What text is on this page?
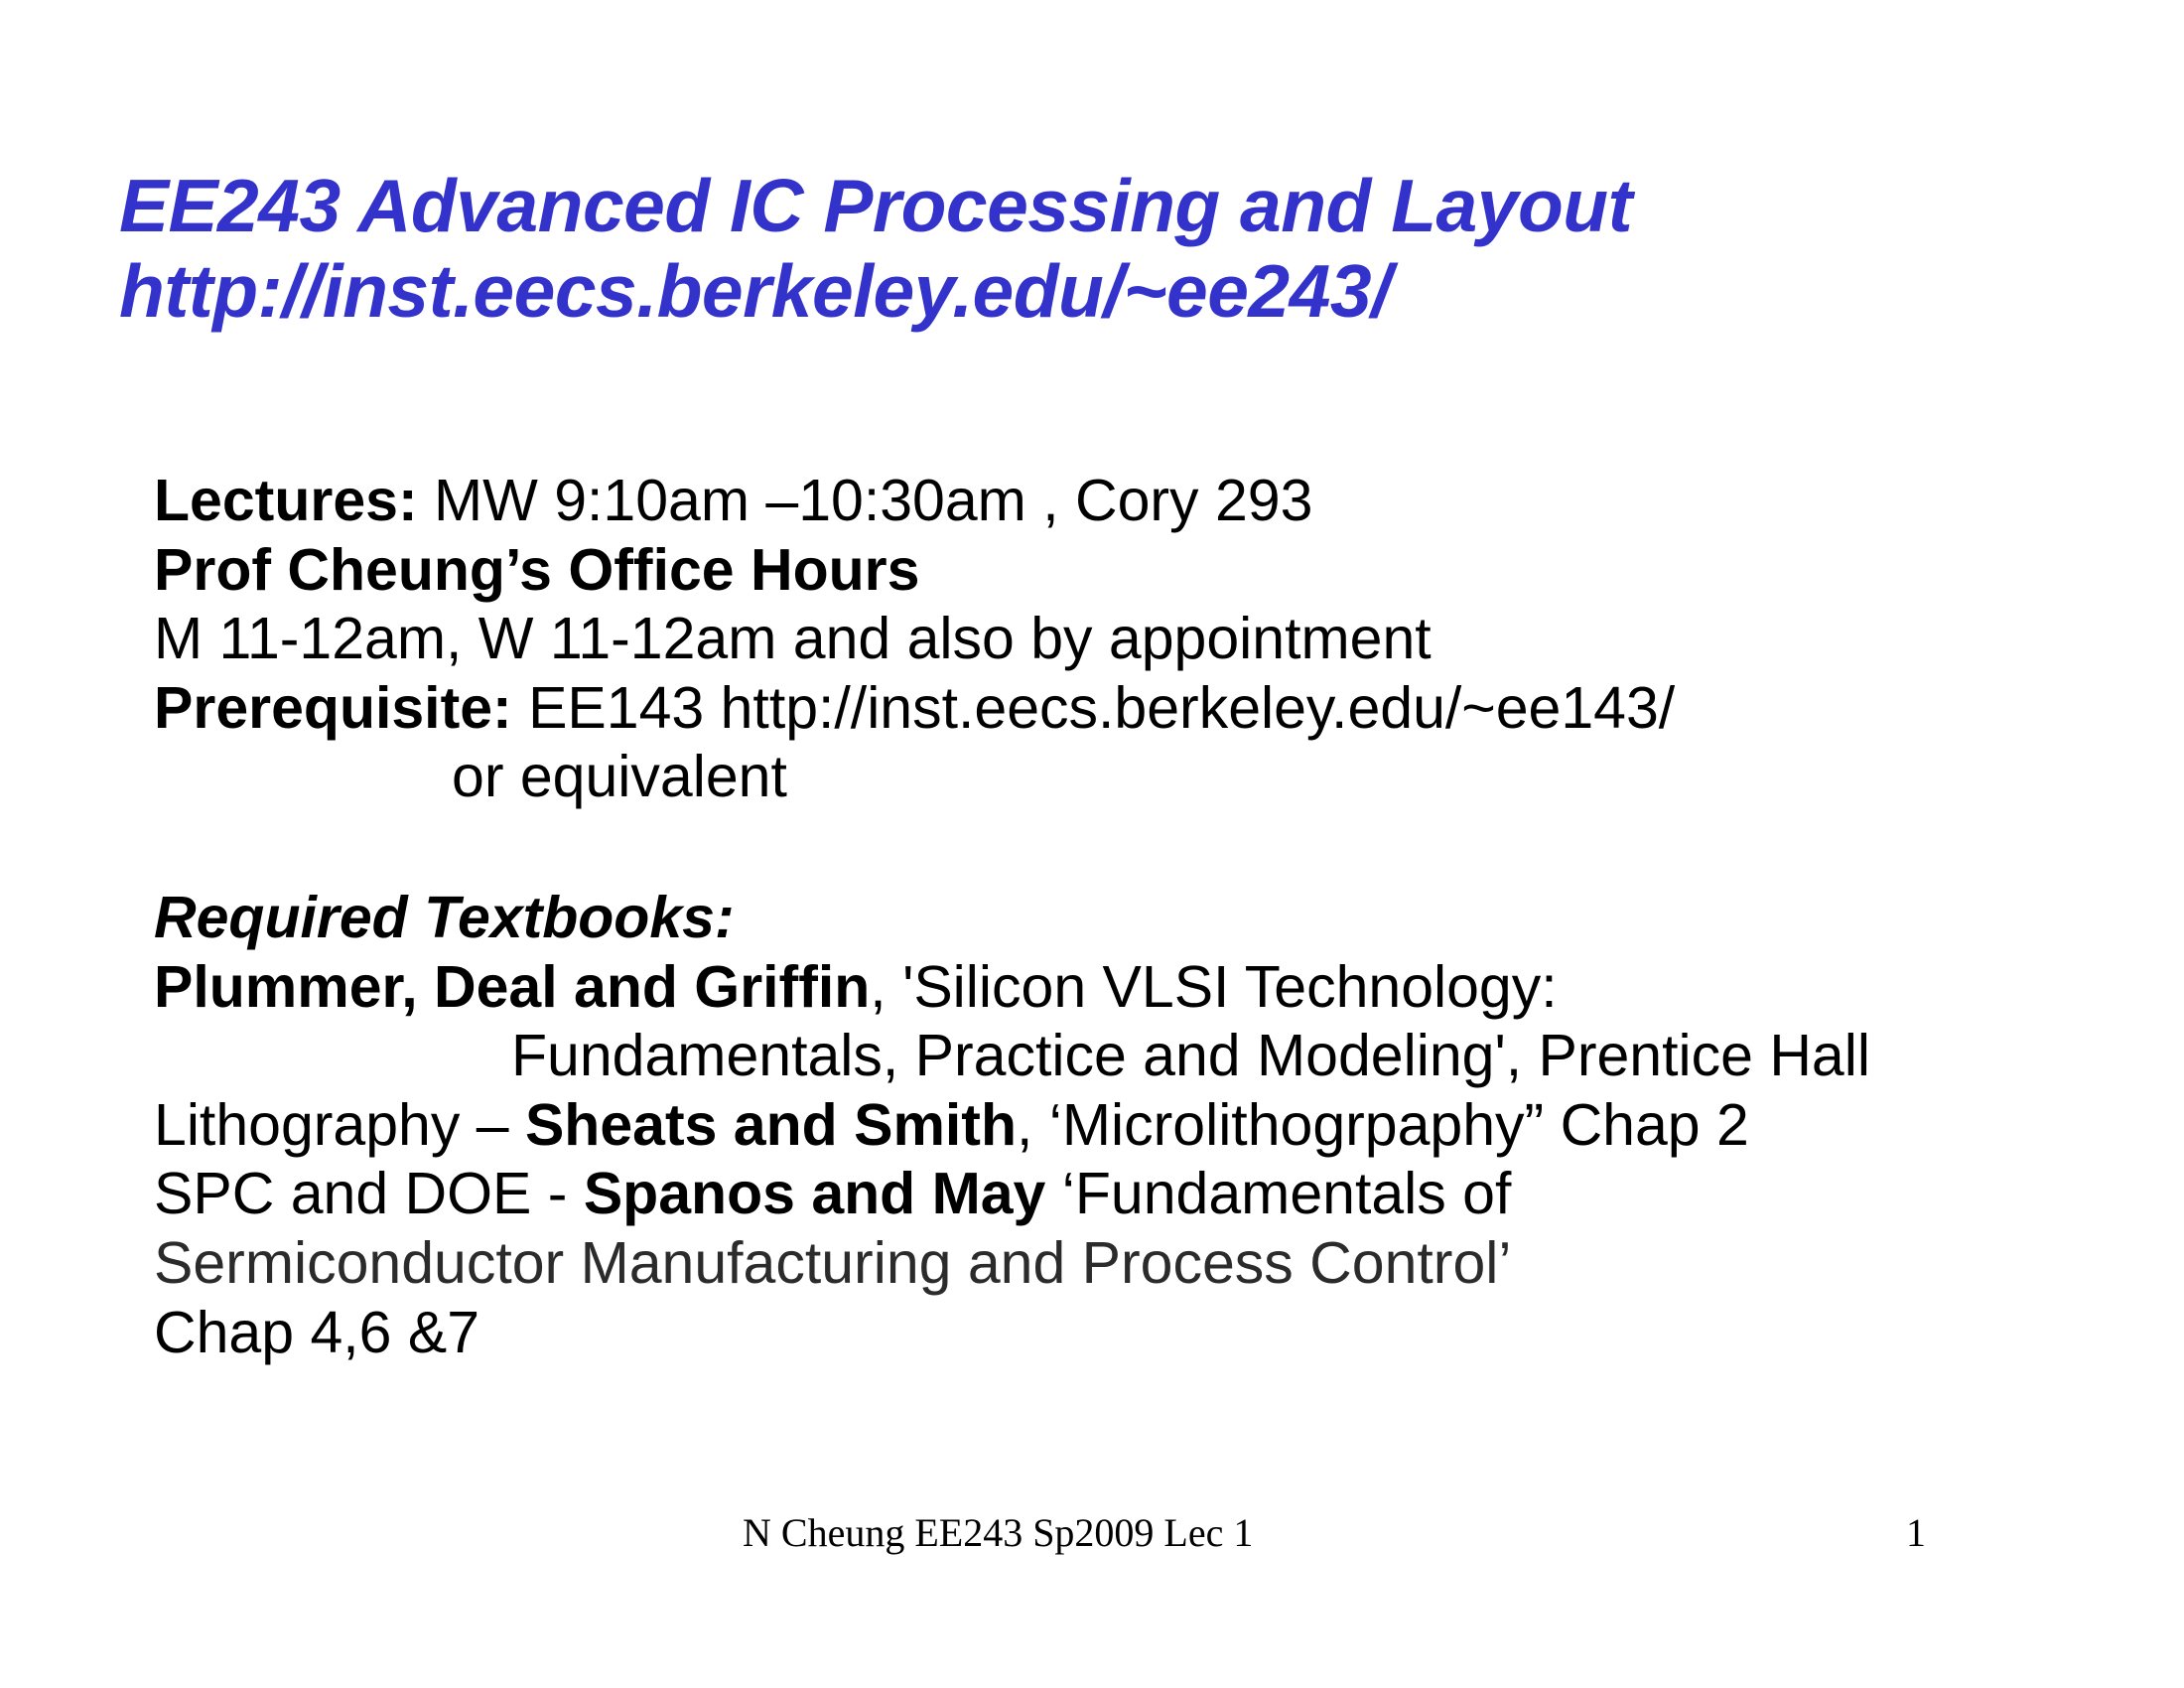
EE243 Advanced IC Processing and Layout
http://inst.eecs.berkeley.edu/~ee243/
Lectures: MW 9:10am –10:30am , Cory 293
Prof Cheung’s Office Hours
M 11-12am, W 11-12am and also by appointment
Prerequisite: EE143 http://inst.eecs.berkeley.edu/~ee143/
or equivalent
Required Textbooks:
Plummer, Deal and Griffin, 'Silicon VLSI Technology:
Fundamentals, Practice and Modeling', Prentice Hall
Lithography – Sheats and Smith, ‘Microlithogrpaphy” Chap 2
SPC and DOE - Spanos and May ‘Fundamentals of
Sermiconductor Manufacturing and Process Control’
Chap 4,6 &7
N Cheung EE243 Sp2009 Lec 1	1
